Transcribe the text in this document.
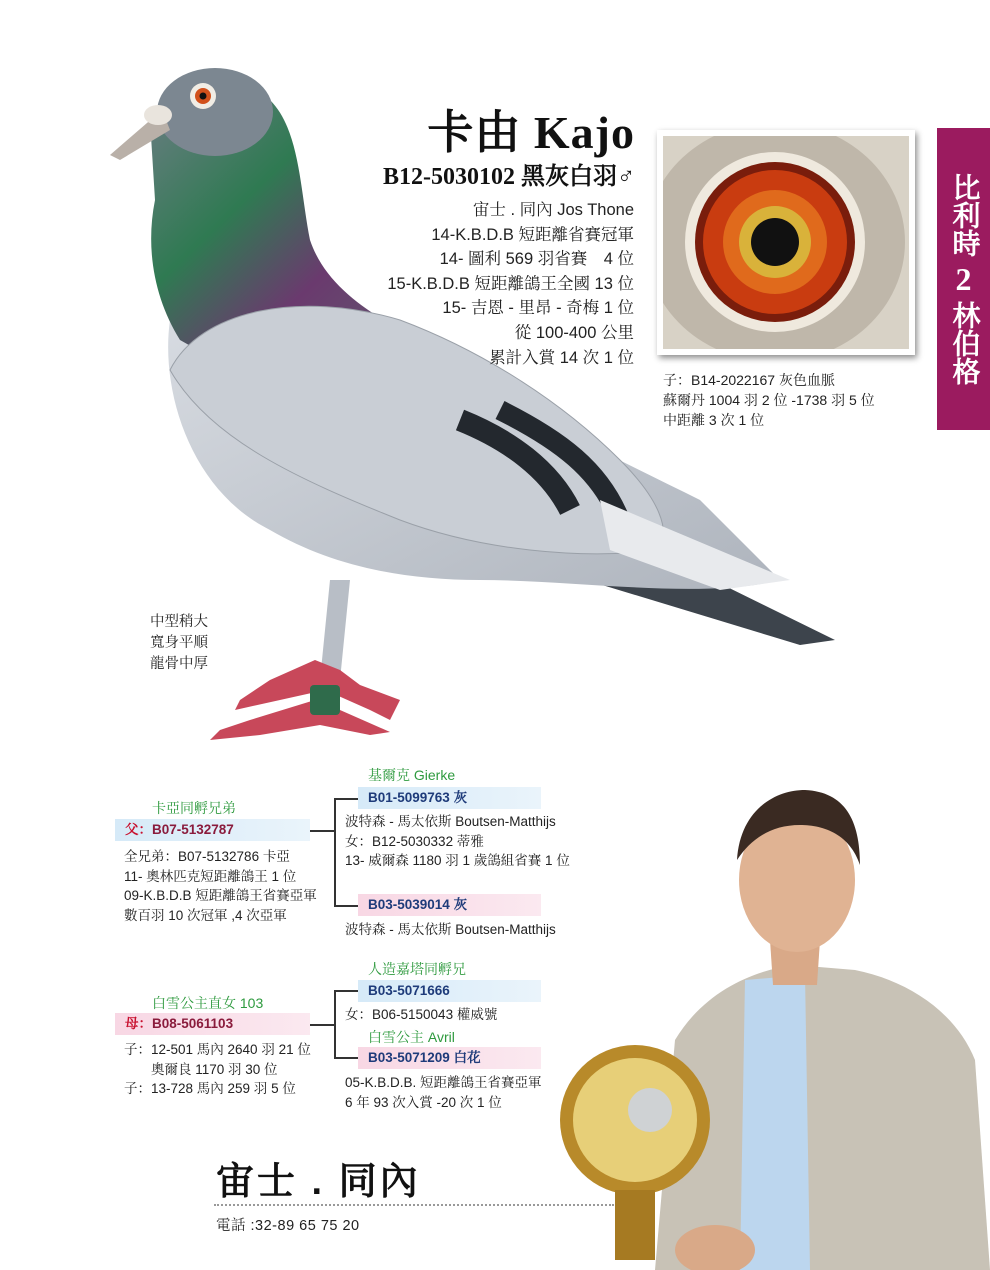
卡由 Kajo
B12-5030102 黑灰白羽♂
宙士 . 同內 Jos Thone
14-K.B.D.B 短距離省賽冠軍
14- 圖利 569 羽省賽　4 位
15-K.B.D.B 短距離鴿王全國 13 位
15- 吉恩 - 里昂 - 奇梅 1 位
從 100-400 公里
累計入賞 14 次 1 位
子：B14-2022167 灰色血脈
蘇爾丹 1004 羽 2 位 -1738 羽 5 位
中距離 3 次 1 位
比利時
2
林伯格
中型稍大
寬身平順
龍骨中厚
卡亞同孵兄弟
父：B07-5132787
全兄弟：B07-5132786 卡亞
11- 奧林匹克短距離鴿王 1 位
09-K.B.D.B 短距離鴿王省賽亞軍
數百羽 10 次冠軍 ,4 次亞軍
基爾克 Gierke
B01-5099763 灰
波特森 - 馬太依斯 Boutsen-Matthijs
女：B12-5030332 蒂雅
13- 威爾森 1180 羽 1 歲鴿組省賽 1 位
B03-5039014 灰
波特森 - 馬太依斯 Boutsen-Matthijs
白雪公主直女 103
母：B08-5061103
子：12-501 馬內 2640 羽 21 位
　　奧爾良 1170 羽 30 位
子：13-728 馬內 259 羽 5 位
人造嘉塔同孵兄
B03-5071666
女：B06-5150043 權威號
白雪公主 Avril
B03-5071209 白花
05-K.B.D.B. 短距離鴿王省賽亞軍
6 年 93 次入賞 -20 次 1 位
宙士 . 同內
電話 :32-89 65 75 20
